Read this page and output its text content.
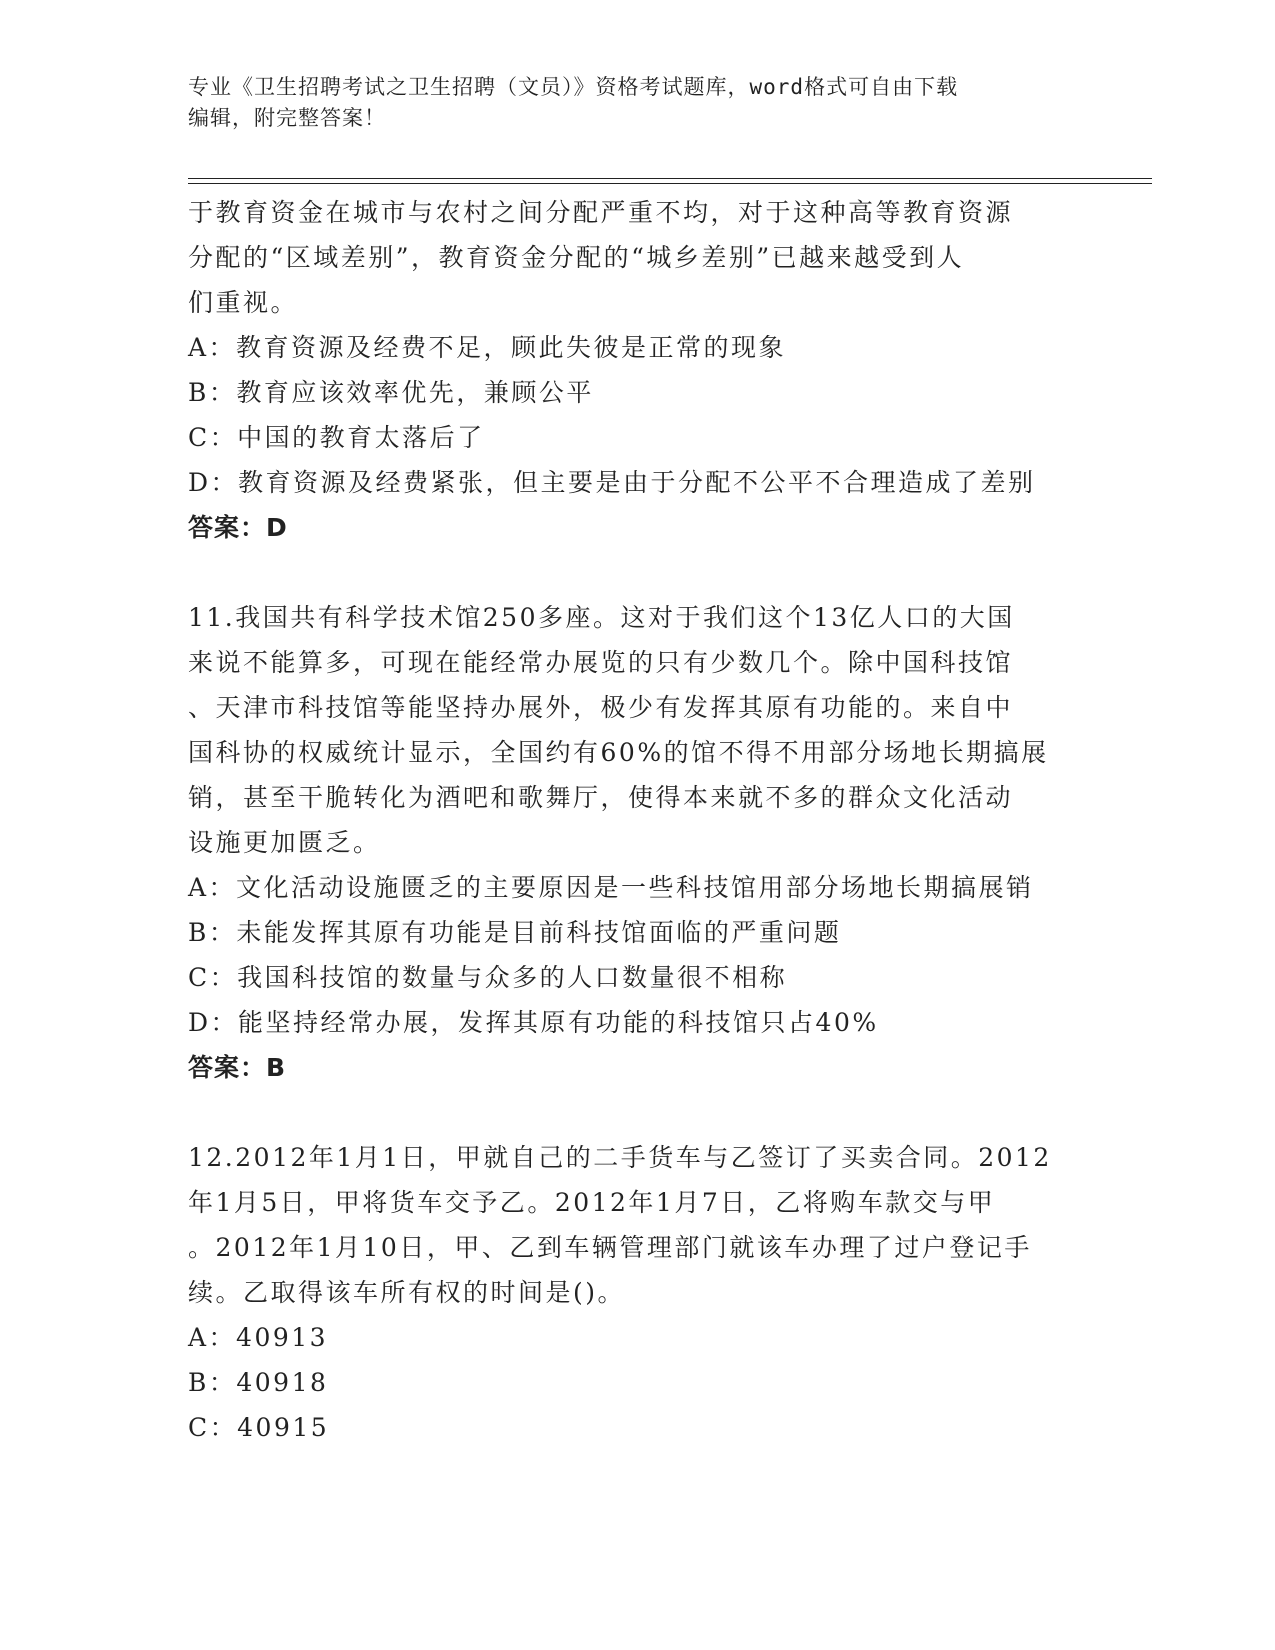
专业《卫生招聘考试之卫生招聘（文员）》资格考试题库，word格式可自由下载
编辑，附完整答案！

于教育资金在城市与农村之间分配严重不均，对于这种高等教育资源

分配的“区域差别”，教育资金分配的“城乡差别”已越来越受到人

们重视。

A：教育资源及经费不足，顾此失彼是正常的现象

B：教育应该效率优先，兼顾公平

C：中国的教育太落后了

D：教育资源及经费紧张，但主要是由于分配不公平不合理造成了差别

答案：D

11.我国共有科学技术馆250多座。这对于我们这个13亿人口的大国

来说不能算多，可现在能经常办展览的只有少数几个。除中国科技馆

、天津市科技馆等能坚持办展外，极少有发挥其原有功能的。来自中

国科协的权威统计显示，全国约有60%的馆不得不用部分场地长期搞展

销，甚至干脆转化为酒吧和歌舞厅，使得本来就不多的群众文化活动

设施更加匮乏。

A：文化活动设施匮乏的主要原因是一些科技馆用部分场地长期搞展销

B：未能发挥其原有功能是目前科技馆面临的严重问题

C：我国科技馆的数量与众多的人口数量很不相称

D：能坚持经常办展，发挥其原有功能的科技馆只占40%

答案：B

12.2012年1月1日，甲就自己的二手货车与乙签订了买卖合同。2012

年1月5日，甲将货车交予乙。2012年1月7日，乙将购车款交与甲

。2012年1月10日，甲、乙到车辆管理部门就该车办理了过户登记手

续。乙取得该车所有权的时间是()。

A：40913

B：40918

C：40915
